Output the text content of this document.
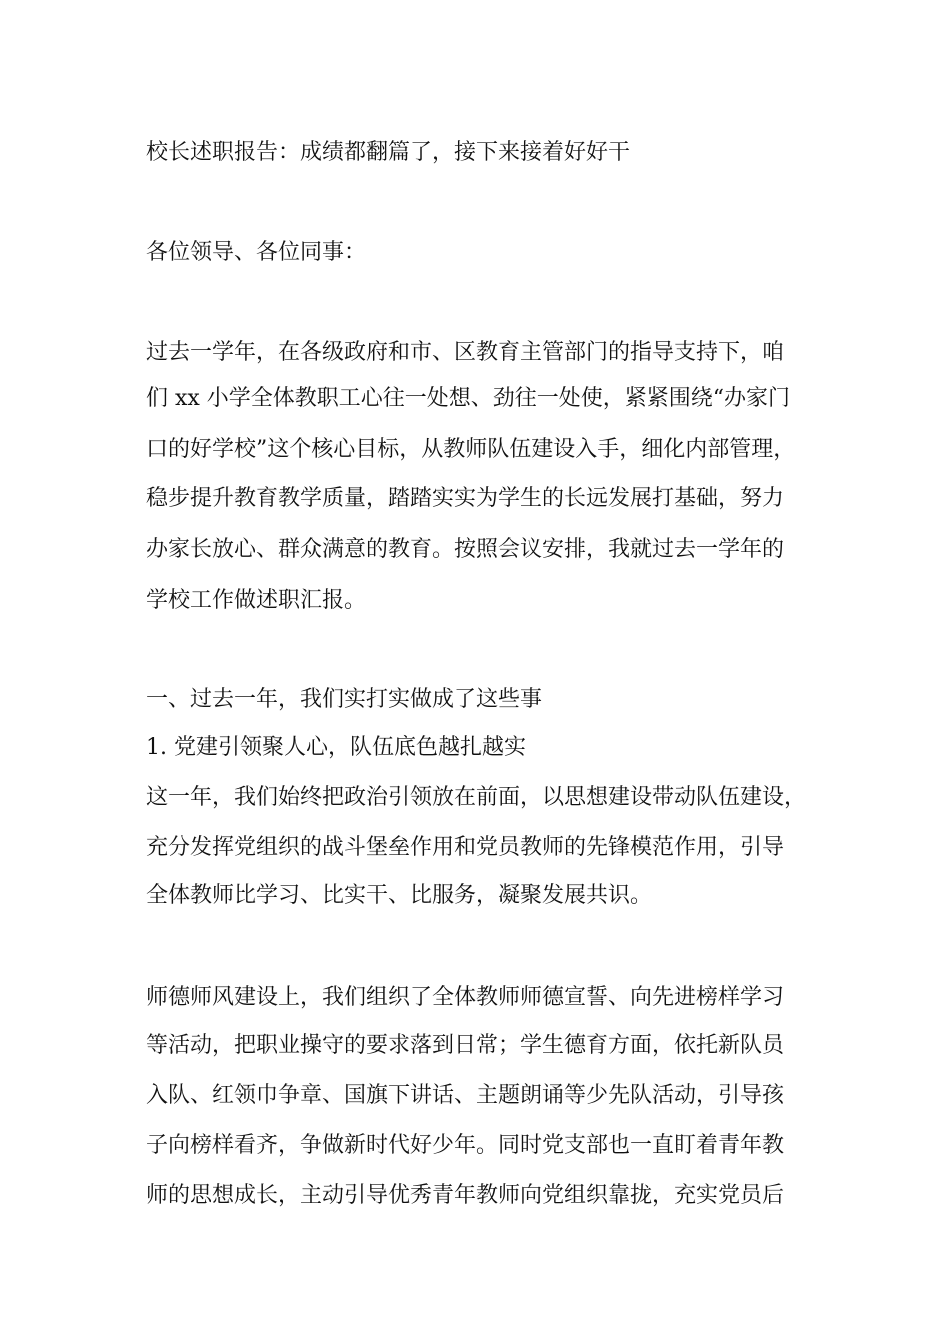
校长述职报告：成绩都翻篇了，接下来接着好好干
各位领导、各位同事：
过去一学年，在各级政府和市、区教育主管部门的指导支持下，咱
们 xx 小学全体教职工心往一处想、劲往一处使，紧紧围绕“办家门
口的好学校”这个核心目标，从教师队伍建设入手，细化内部管理，
稳步提升教育教学质量，踏踏实实为学生的长远发展打基础，努力
办家长放心、群众满意的教育。按照会议安排，我就过去一学年的
学校工作做述职汇报。
一、过去一年，我们实打实做成了这些事
1. 党建引领聚人心，队伍底色越扎越实
这一年，我们始终把政治引领放在前面，以思想建设带动队伍建设，
充分发挥党组织的战斗堡垒作用和党员教师的先锋模范作用，引导
全体教师比学习、比实干、比服务，凝聚发展共识。
师德师风建设上，我们组织了全体教师师德宣誓、向先进榜样学习
等活动，把职业操守的要求落到日常；学生德育方面，依托新队员
入队、红领巾争章、国旗下讲话、主题朗诵等少先队活动，引导孩
子向榜样看齐，争做新时代好少年。同时党支部也一直盯着青年教
师的思想成长，主动引导优秀青年教师向党组织靠拢，充实党员后
